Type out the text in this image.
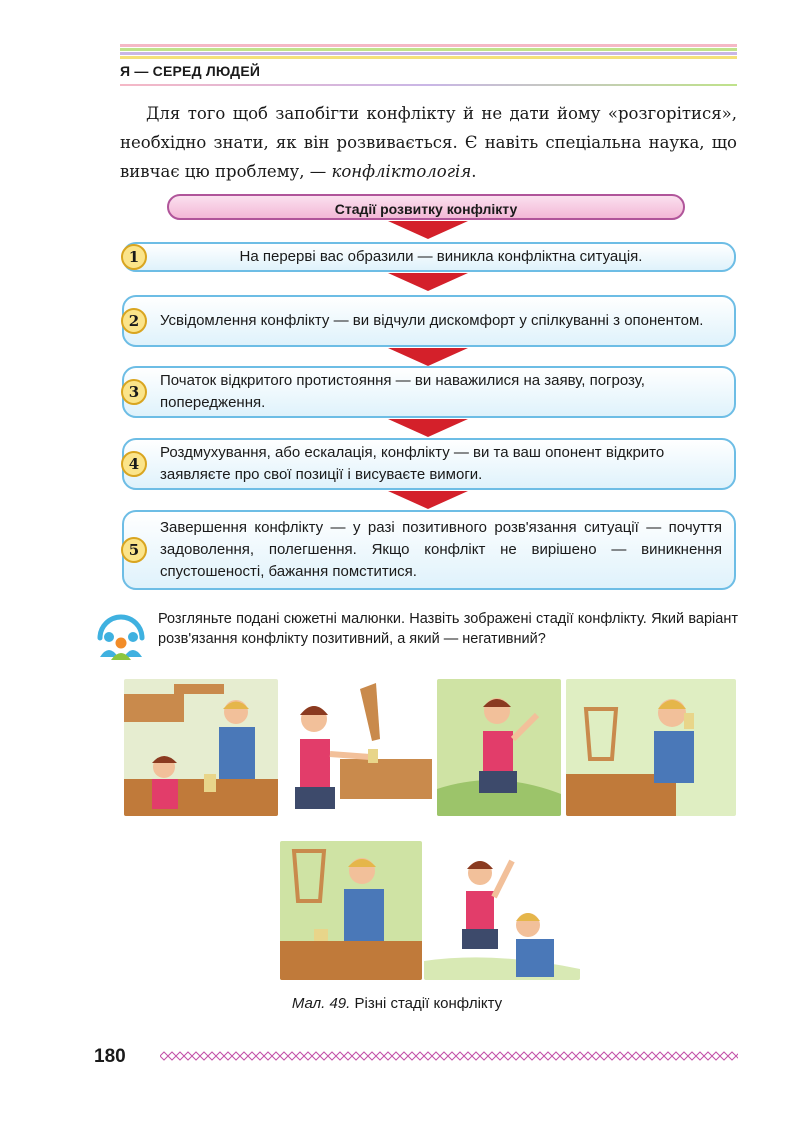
Я — СЕРЕД ЛЮДЕЙ
Для того щоб запобігти конфлікту й не дати йому «розгорітися», необхідно знати, як він розвивається. Є навіть спеціальна наука, що вивчає цю проблему, — конфліктологія.
Стадії розвитку конфлікту
1	На перерві вас образили — виникла конфліктна ситуація.
2	Усвідомлення конфлікту — ви відчули дискомфорт у спілкуванні з опонентом.
3
Початок відкритого протистояння — ви наважилися на заяву, погрозу, попередження.
4
Роздмухування, або ескалація, конфлікту — ви та ваш опонент відкрито заявляєте про свої позиції і висуваєте вимоги.
5
Завершення конфлікту — у разі позитивного розв'язання ситуації — почуття задоволення, полегшення. Якщо конфлікт не вирішено — виникнення спустошеності, бажання помститися.
Розгляньте подані сюжетні малюнки. Назвіть зображені стадії конфлікту. Який варіант розв'язання конфлікту позитивний, а який — негативний?
Мал. 49. Різні стадії конфлікту
180
